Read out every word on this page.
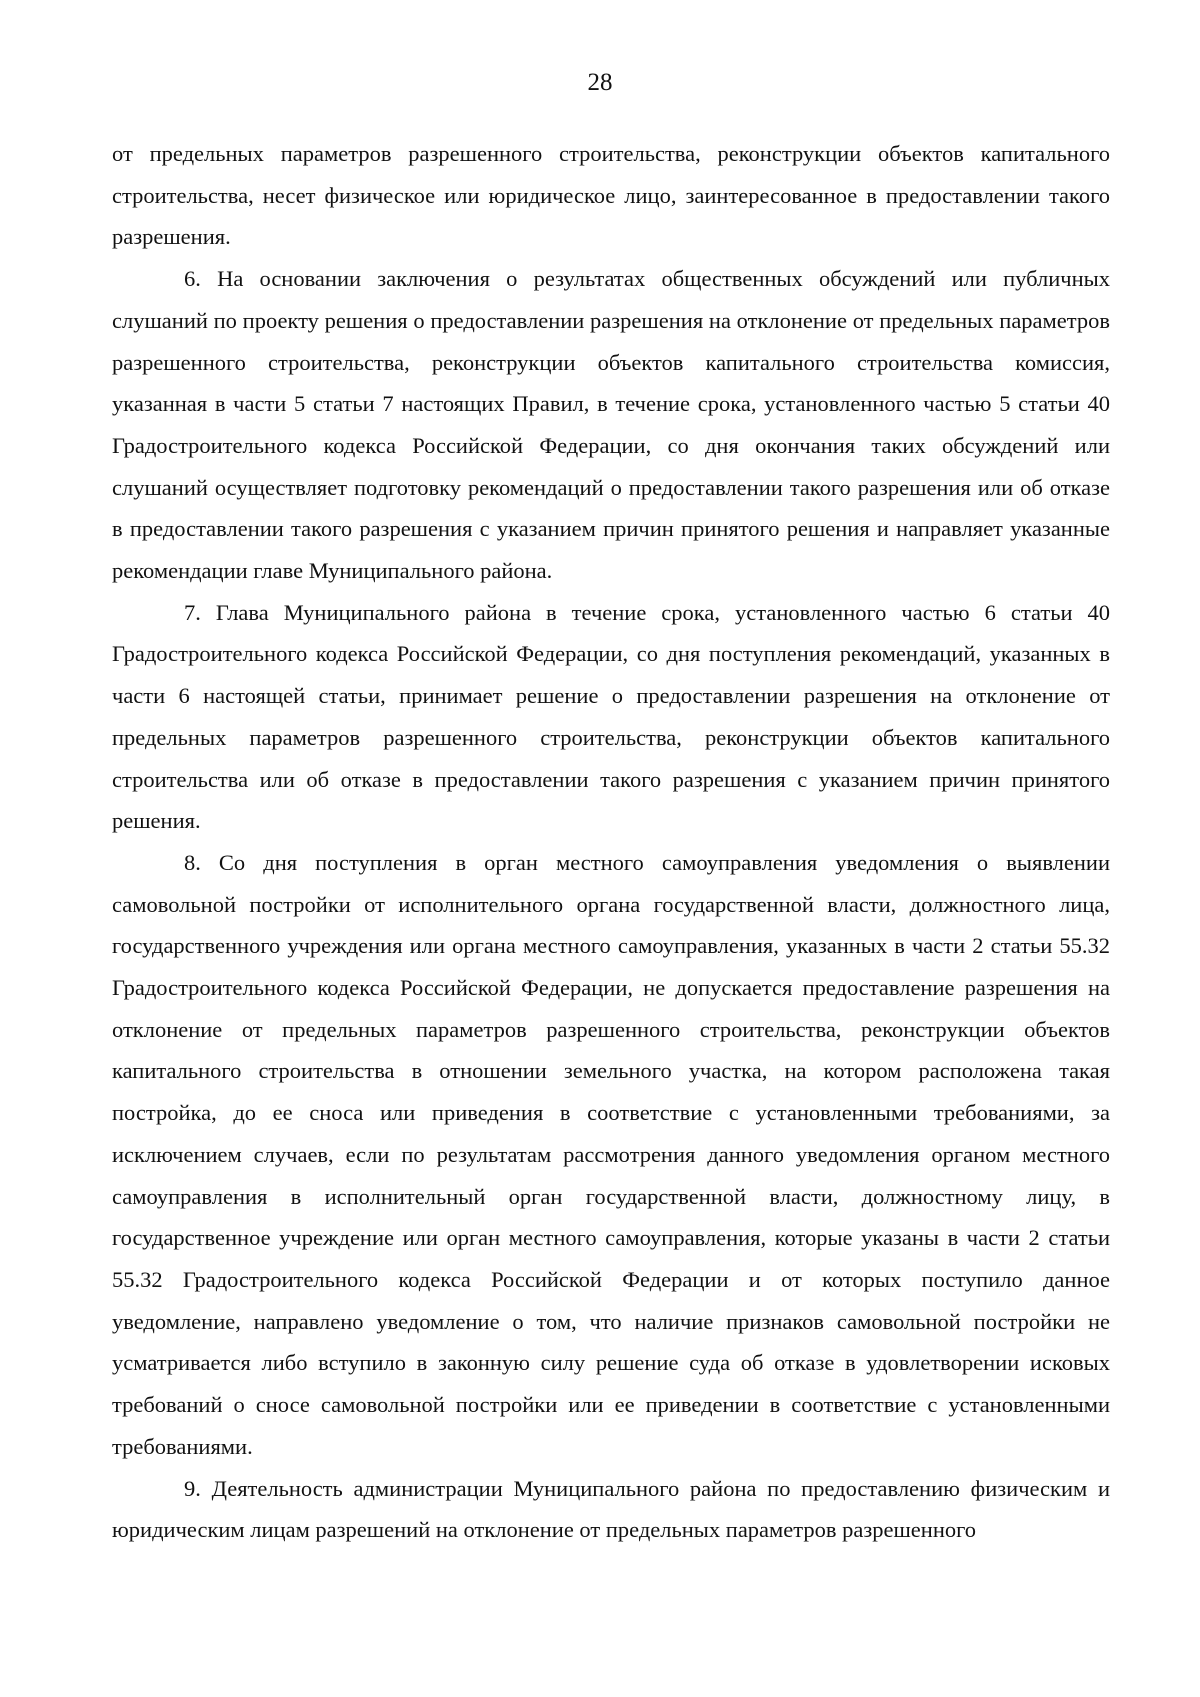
28

от предельных параметров разрешенного строительства, реконструкции объектов капитального строительства, несет физическое или юридическое лицо, заинтересованное в предоставлении такого разрешения.

6. На основании заключения о результатах общественных обсуждений или публичных слушаний по проекту решения о предоставлении разрешения на отклонение от предельных параметров разрешенного строительства, реконструкции объектов капитального строительства комиссия, указанная в части 5 статьи 7 настоящих Правил, в течение срока, установленного частью 5 статьи 40 Градостроительного кодекса Российской Федерации, со дня окончания таких обсуждений или слушаний осуществляет подготовку рекомендаций о предоставлении такого разрешения или об отказе в предоставлении такого разрешения с указанием причин принятого решения и направляет указанные рекомендации главе Муниципального района.

7. Глава Муниципального района в течение срока, установленного частью 6 статьи 40 Градостроительного кодекса Российской Федерации, со дня поступления рекомендаций, указанных в части 6 настоящей статьи, принимает решение о предоставлении разрешения на отклонение от предельных параметров разрешенного строительства, реконструкции объектов капитального строительства или об отказе в предоставлении такого разрешения с указанием причин принятого решения.

8. Со дня поступления в орган местного самоуправления уведомления о выявлении самовольной постройки от исполнительного органа государственной власти, должностного лица, государственного учреждения или органа местного самоуправления, указанных в части 2 статьи 55.32 Градостроительного кодекса Российской Федерации, не допускается предоставление разрешения на отклонение от предельных параметров разрешенного строительства, реконструкции объектов капитального строительства в отношении земельного участка, на котором расположена такая постройка, до ее сноса или приведения в соответствие с установленными требованиями, за исключением случаев, если по результатам рассмотрения данного уведомления органом местного самоуправления в исполнительный орган государственной власти, должностному лицу, в государственное учреждение или орган местного самоуправления, которые указаны в части 2 статьи 55.32 Градостроительного кодекса Российской Федерации и от которых поступило данное уведомление, направлено уведомление о том, что наличие признаков самовольной постройки не усматривается либо вступило в законную силу решение суда об отказе в удовлетворении исковых требований о сносе самовольной постройки или ее приведении в соответствие с установленными требованиями.

9. Деятельность администрации Муниципального района по предоставлению физическим и юридическим лицам разрешений на отклонение от предельных параметров разрешенного
